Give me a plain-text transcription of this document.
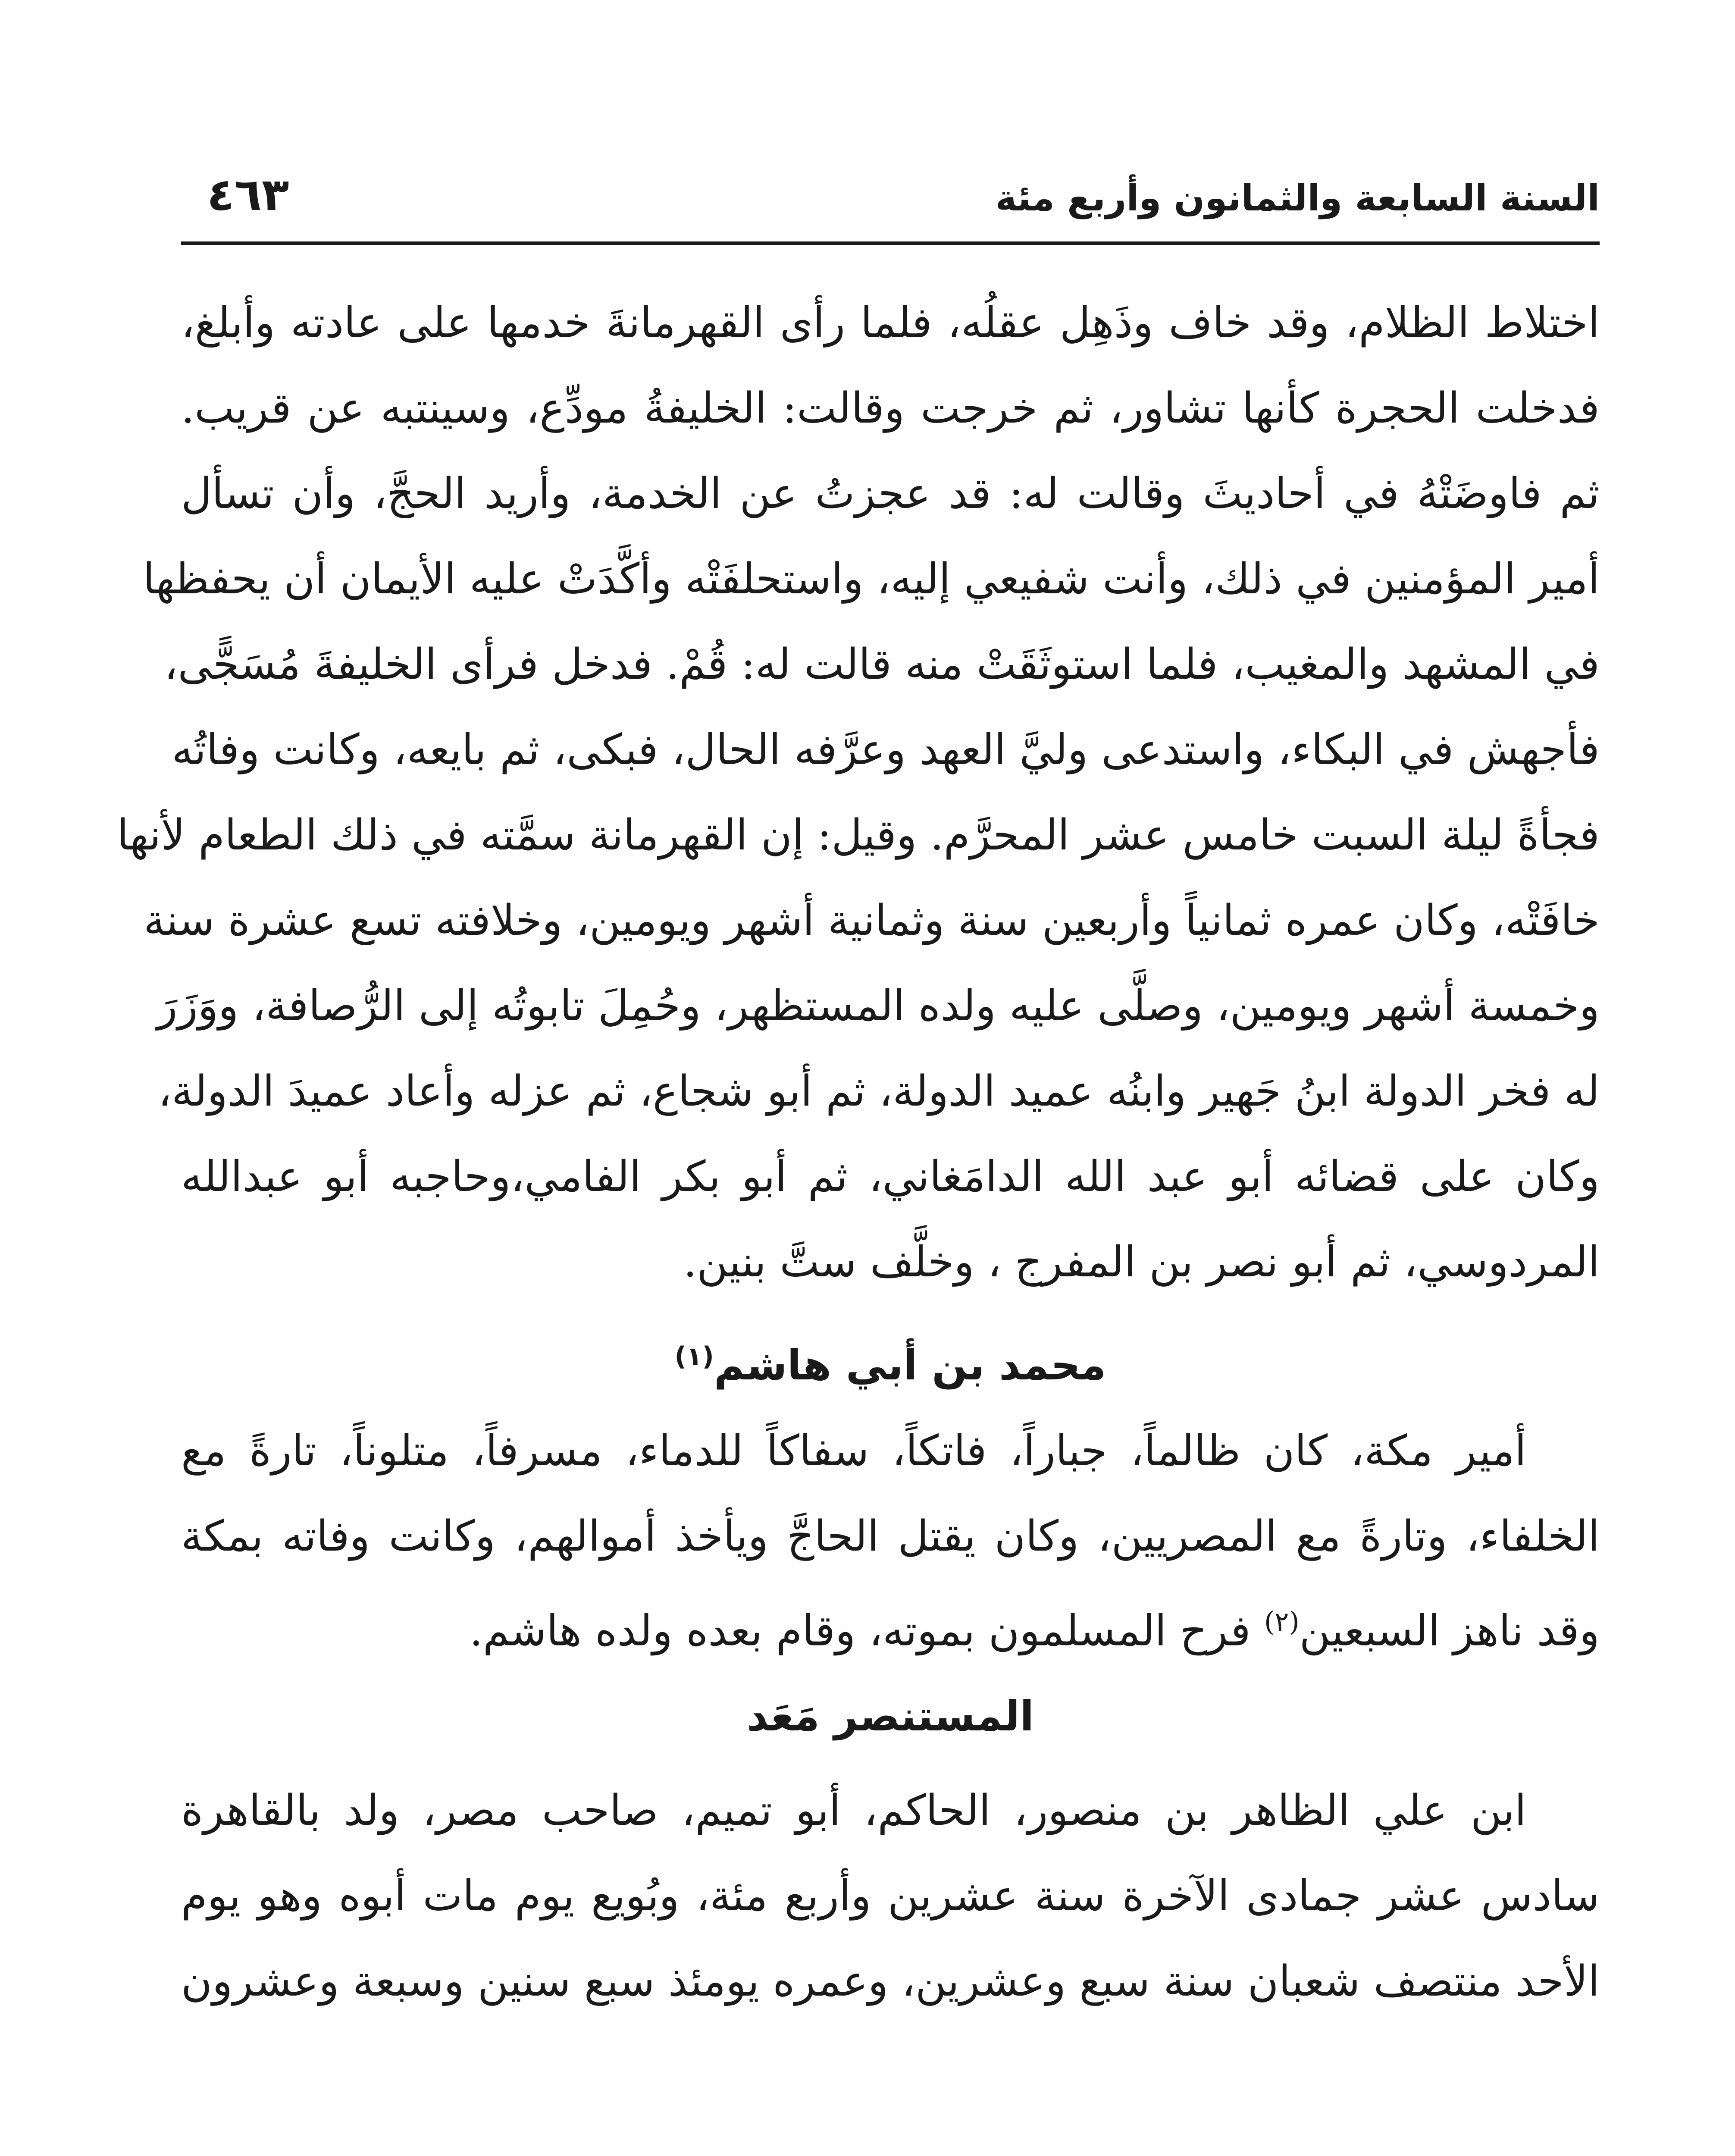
السنة السابعة والثمانون وأربع مئة
٤٦٣
اختلاط الظلام، وقد خاف وذَهِل عقلُه، فلما رأى القهرمانةَ خدمها على عادته وأبلغ،
فدخلت الحجرة كأنها تشاور، ثم خرجت وقالت: الخليفةُ مودِّع، وسينتبه عن قريب.
ثم فاوضَتْهُ في أحاديثَ وقالت له: قد عجزتُ عن الخدمة، وأريد الحجَّ، وأن تسأل
أمير المؤمنين في ذلك، وأنت شفيعي إليه، واستحلفَتْه وأكَّدَتْ عليه الأيمان أن يحفظها
في المشهد والمغيب، فلما استوثَقَتْ منه قالت له: قُمْ. فدخل فرأى الخليفةَ مُسَجًّى،
فأجهش في البكاء، واستدعى وليَّ العهد وعرَّفه الحال، فبكى، ثم بايعه، وكانت وفاتُه
فجأةً ليلة السبت خامس عشر المحرَّم. وقيل: إن القهرمانة سمَّته في ذلك الطعام لأنها
خافَتْه، وكان عمره ثمانياً وأربعين سنة وثمانية أشهر ويومين، وخلافته تسع عشرة سنة
وخمسة أشهر ويومين، وصلَّى عليه ولده المستظهر، وحُمِلَ تابوتُه إلى الرُّصافة، ووَزَرَ
له فخر الدولة ابنُ جَهير وابنُه عميد الدولة، ثم أبو شجاع، ثم عزله وأعاد عميدَ الدولة،
وكان على قضائه أبو عبد الله الدامَغاني، ثم أبو بكر الفامي،وحاجبه أبو عبدالله
المردوسي، ثم أبو نصر بن المفرج ، وخلَّف ستَّ بنين.
محمد بن أبي هاشم$^{(١)}$
أمير مكة، كان ظالماً، جباراً، فاتكاً، سفاكاً للدماء، مسرفاً، متلوناً، تارةً مع
الخلفاء، وتارةً مع المصريين، وكان يقتل الحاجَّ ويأخذ أموالهم، وكانت وفاته بمكة
وقد ناهز السبعين$^{(٢)}$ فرح المسلمون بموته، وقام بعده ولده هاشم.
المستنصر مَعَد
ابن علي الظاهر بن منصور، الحاكم، أبو تميم، صاحب مصر، ولد بالقاهرة
سادس عشر جمادى الآخرة سنة عشرين وأربع مئة، وبُويع يوم مات أبوه وهو يوم
الأحد منتصف شعبان سنة سبع وعشرين، وعمره يومئذ سبع سنين وسبعة وعشرون
